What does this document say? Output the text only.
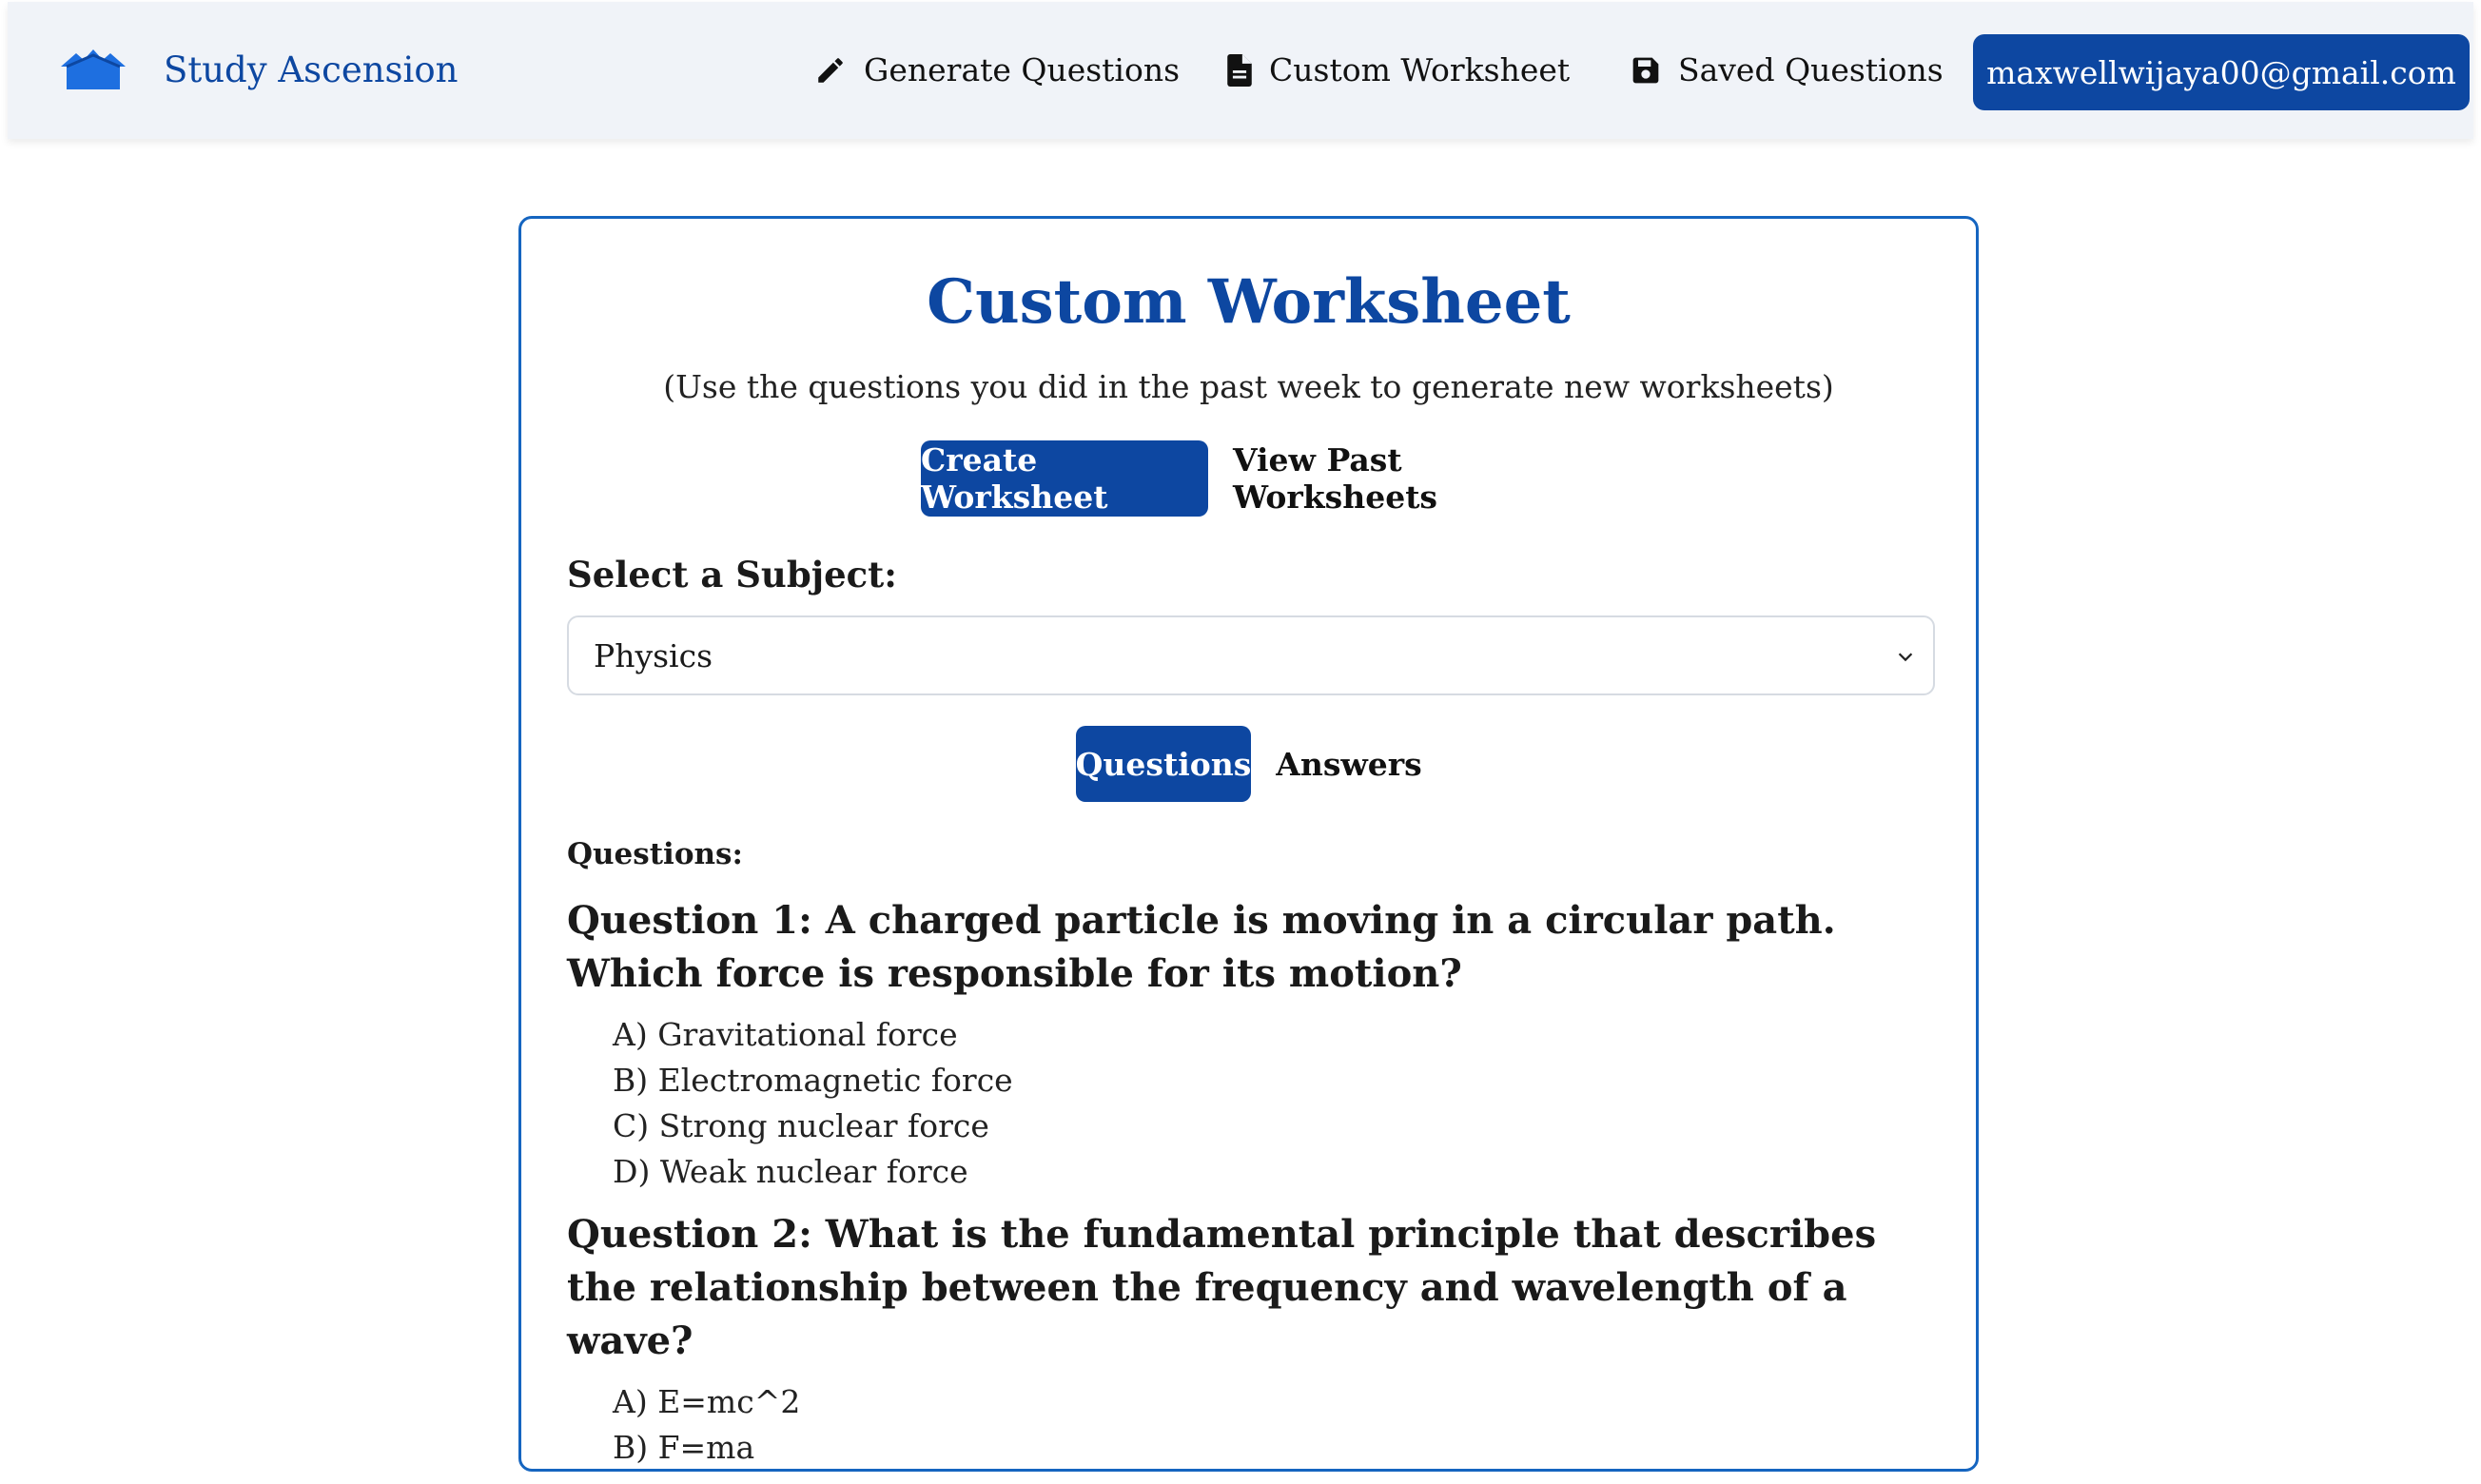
Study Ascension	Generate Questions	Custom Worksheet	Saved Questions	maxwellwijaya00@gmail.com
Custom Worksheet
(Use the questions you did in the past week to generate new worksheets)
Create Worksheet
View Past Worksheets
Select a Subject:
Physics
Questions Answers
Questions:

Question 1: A charged particle is moving in a circular path. Which force is responsible for its motion?

A) Gravitational force
B) Electromagnetic force
C) Strong nuclear force
D) Weak nuclear force

Question 2: What is the fundamental principle that describes the relationship between the frequency and wavelength of a wave?

A) E=mc^2
B) F=ma
